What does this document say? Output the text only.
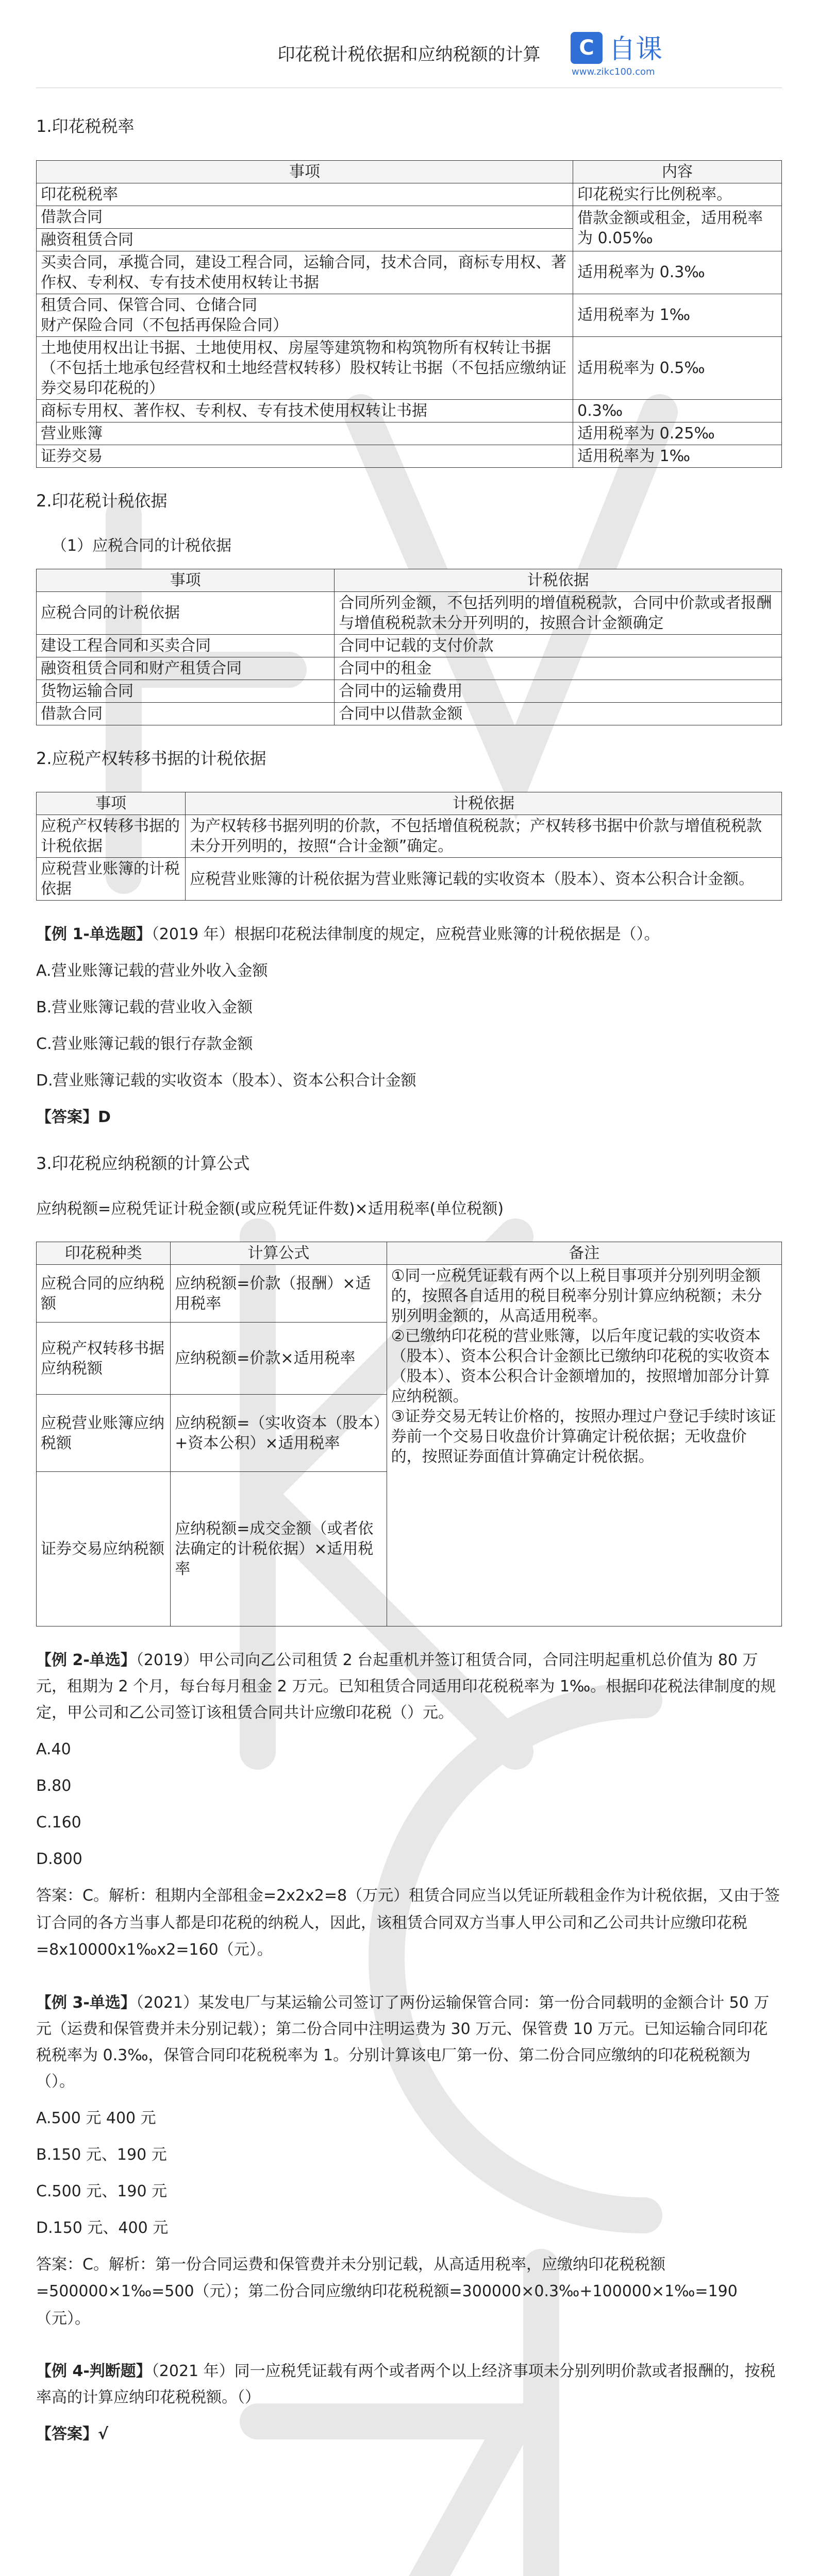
印花税计税依据和应纳税额的计算	C 自课
www.zikc100.com
1.印花税税率
事项	内容
印花税税率	印花税实行比例税率。
借款合同	借款金额或租金，适用税率为 0.05‰
融资租赁合同	
买卖合同，承揽合同，建设工程合同，运输合同，技术合同，商标专用权、著作权、专利权、专有技术使用权转让书据	适用税率为 0.3‰
租赁合同、保管合同、仓储合同
财产保险合同（不包括再保险合同）	适用税率为 1‰
土地使用权出让书据、土地使用权、房屋等建筑物和构筑物所有权转让书据（不包括土地承包经营权和土地经营权转移）股权转让书据（不包括应缴纳证券交易印花税的）	适用税率为 0.5‰
商标专用权、著作权、专利权、专有技术使用权转让书据	0.3‰
营业账簿	适用税率为 0.25‰
证券交易	适用税率为 1‰
2.印花税计税依据
（1）应税合同的计税依据
事项	计税依据
应税合同的计税依据	合同所列金额，不包括列明的增值税税款，合同中价款或者报酬与增值税税款未分开列明的，按照合计金额确定
建设工程合同和买卖合同	合同中记载的支付价款
融资租赁合同和财产租赁合同	合同中的租金
货物运输合同	合同中的运输费用
借款合同	合同中以借款金额
2.应税产权转移书据的计税依据
事项	计税依据
应税产权转移书据的计税依据	为产权转移书据列明的价款，不包括增值税税款；产权转移书据中价款与增值税税款未分开列明的，按照“合计金额”确定。
应税营业账簿的计税依据	应税营业账簿的计税依据为营业账簿记载的实收资本（股本）、资本公积合计金额。
【例 1-单选题】（2019 年）根据印花税法律制度的规定，应税营业账簿的计税依据是（）。
A.营业账簿记载的营业外收入金额
B.营业账簿记载的营业收入金额
C.营业账簿记载的银行存款金额
D.营业账簿记载的实收资本（股本）、资本公积合计金额
【答案】D
3.印花税应纳税额的计算公式
应纳税额=应税凭证计税金额(或应税凭证件数)×适用税率(单位税额)
印花税种类	计算公式	备注
应税合同的应纳税额	应纳税额=价款（报酬）×适用税率	①同一应税凭证载有两个以上税目事项并分别列明金额的，按照各自适用的税目税率分别计算应纳税额；未分别列明金额的，从高适用税率。
②已缴纳印花税的营业账簿，以后年度记载的实收资本（股本）、资本公积合计金额比已缴纳印花税的实收资本（股本）、资本公积合计金额增加的，按照增加部分计算应纳税额。
③证券交易无转让价格的，按照办理过户登记手续时该证券前一个交易日收盘价计算确定计税依据；无收盘价的，按照证券面值计算确定计税依据。
应税产权转移书据应纳税额	应纳税额=价款×适用税率	
应税营业账簿应纳税额	应纳税额=（实收资本（股本）+资本公积）×适用税率	
证券交易应纳税额	应纳税额=成交金额（或者依法确定的计税依据）×适用税率	
【例 2-单选】（2019）甲公司向乙公司租赁 2 台起重机并签订租赁合同，合同注明起重机总价值为 80 万元，租期为 2 个月，每台每月租金 2 万元。已知租赁合同适用印花税税率为 1‰。根据印花税法律制度的规定，甲公司和乙公司签订该租赁合同共计应缴印花税（）元。
A.40
B.80
C.160
D.800
答案：C。解析：租期内全部租金=2x2x2=8（万元）租赁合同应当以凭证所载租金作为计税依据，又由于签订合同的各方当事人都是印花税的纳税人，因此，该租赁合同双方当事人甲公司和乙公司共计应缴印花税=8x10000x1‰x2=160（元）。
【例 3-单选】（2021）某发电厂与某运输公司签订了两份运输保管合同：第一份合同载明的金额合计 50 万元（运费和保管费并未分别记载）；第二份合同中注明运费为 30 万元、保管费 10 万元。已知运输合同印花税税率为 0.3‰，保管合同印花税税率为 1。分别计算该电厂第一份、第二份合同应缴纳的印花税税额为（）。
A.500 元 400 元
B.150 元、190 元
C.500 元、190 元
D.150 元、400 元
答案：C。解析：第一份合同运费和保管费并未分别记载，从高适用税率，应缴纳印花税税额=500000×1‰=500（元）；第二份合同应缴纳印花税税额=300000×0.3‰+100000×1‰=190（元）。
【例 4-判断题】（2021 年）同一应税凭证载有两个或者两个以上经济事项未分别列明价款或者报酬的，按税率高的计算应纳印花税税额。（）
【答案】√
